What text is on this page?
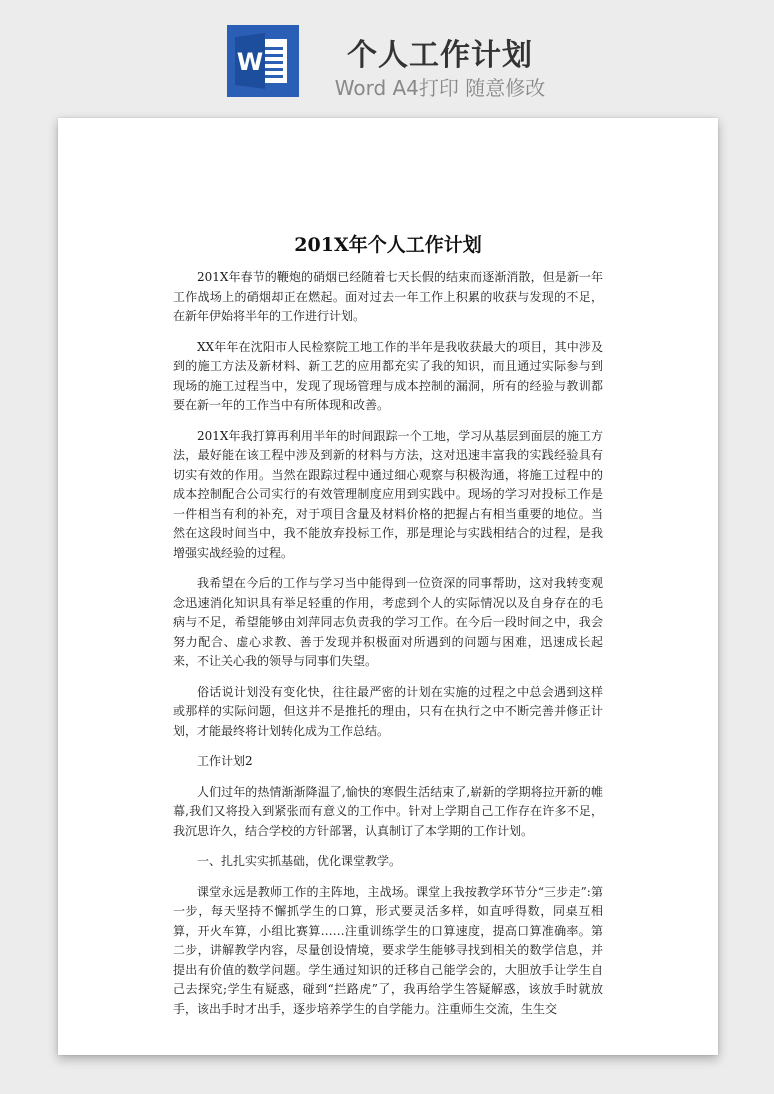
W	个人工作计划
Word A4打印 随意修改
201X年个人工作计划

201X年春节的鞭炮的硝烟已经随着七天长假的结束而逐渐消散，但是新一年工作战场上的硝烟却正在燃起。面对过去一年工作上积累的收获与发现的不足，在新年伊始将半年的工作进行计划。

XX年年在沈阳市人民检察院工地工作的半年是我收获最大的项目，其中涉及到的施工方法及新材料、新工艺的应用都充实了我的知识，而且通过实际参与到现场的施工过程当中，发现了现场管理与成本控制的漏洞，所有的经验与教训都要在新一年的工作当中有所体现和改善。

201X年我打算再利用半年的时间跟踪一个工地，学习从基层到面层的施工方法，最好能在该工程中涉及到新的材料与方法，这对迅速丰富我的实践经验具有切实有效的作用。当然在跟踪过程中通过细心观察与积极沟通，将施工过程中的成本控制配合公司实行的有效管理制度应用到实践中。现场的学习对投标工作是一件相当有利的补充，对于项目含量及材料价格的把握占有相当重要的地位。当然在这段时间当中，我不能放弃投标工作，那是理论与实践相结合的过程，是我增强实战经验的过程。

我希望在今后的工作与学习当中能得到一位资深的同事帮助，这对我转变观念迅速消化知识具有举足轻重的作用，考虑到个人的实际情况以及自身存在的毛病与不足，希望能够由刘萍同志负责我的学习工作。在今后一段时间之中，我会努力配合、虚心求教、善于发现并积极面对所遇到的问题与困难，迅速成长起来，不让关心我的领导与同事们失望。

俗话说计划没有变化快，往往最严密的计划在实施的过程之中总会遇到这样或那样的实际问题，但这并不是推托的理由，只有在执行之中不断完善并修正计划，才能最终将计划转化成为工作总结。

工作计划2

人们过年的热情渐渐降温了,愉快的寒假生活结束了,崭新的学期将拉开新的帷幕,我们又将投入到紧张而有意义的工作中。针对上学期自己工作存在许多不足，我沉思许久，结合学校的方针部署，认真制订了本学期的工作计划。

一、扎扎实实抓基础，优化课堂教学。

课堂永远是教师工作的主阵地，主战场。课堂上我按教学环节分“三步走”:第一步，每天坚持不懈抓学生的口算，形式要灵活多样，如直呼得数，同桌互相算，开火车算，小组比赛算……注重训练学生的口算速度，提高口算准确率。第二步，讲解教学内容，尽量创设情境，要求学生能够寻找到相关的数学信息，并提出有价值的数学问题。学生通过知识的迁移自己能学会的，大胆放手让学生自己去探究;学生有疑惑，碰到“拦路虎”了，我再给学生答疑解惑，该放手时就放手，该出手时才出手，逐步培养学生的自学能力。注重师生交流，生生交
